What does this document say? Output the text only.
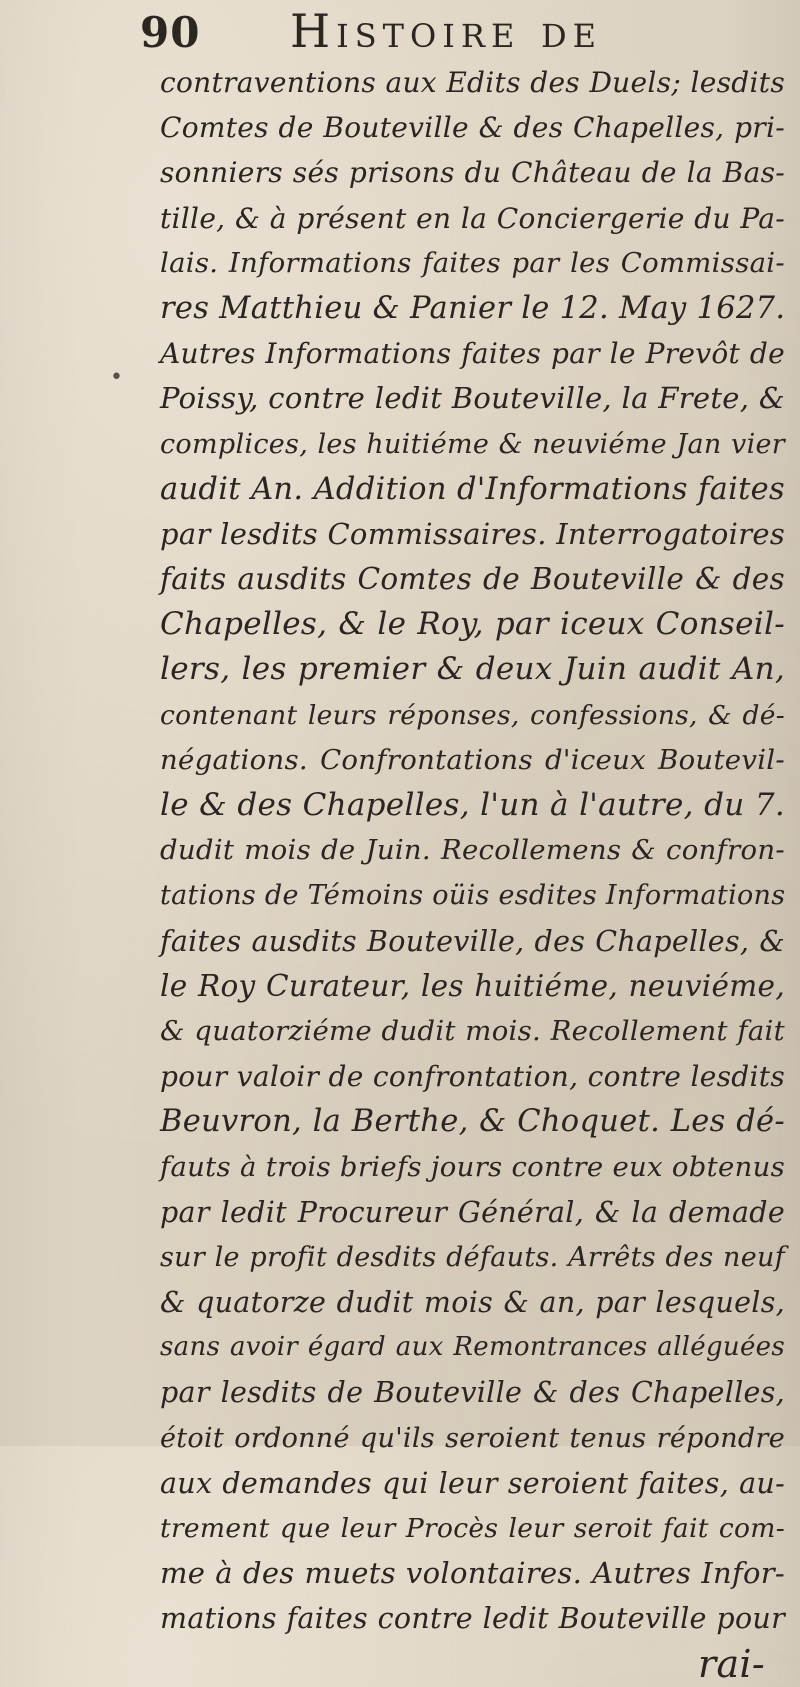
90 Histoire de
•
contraventions aux Edits des Duels; lesdits
Comtes de Bouteville & des Chapelles, pri-
sonniers sés prisons du Château de la Bas-
tille, & à présent en la Conciergerie du Pa-
lais. Informations faites par les Commissai-
res Matthieu & Panier le 12. May 1627.
Autres Informations faites par le Prevôt de
Poissy, contre ledit Bouteville, la Frete, &
complices, les huitiéme & neuviéme Jan vier
audit An. Addition d'Informations faites
par lesdits Commissaires. Interrogatoires
faits ausdits Comtes de Bouteville & des
Chapelles, & le Roy, par iceux Conseil-
lers, les premier & deux Juin audit An,
contenant leurs réponses, confessions, & dé-
négations. Confrontations d'iceux Boutevil-
le & des Chapelles, l'un à l'autre, du 7.
dudit mois de Juin. Recollemens & confron-
tations de Témoins oüis esdites Informations
faites ausdits Bouteville, des Chapelles, &
le Roy Curateur, les huitiéme, neuviéme,
& quatorziéme dudit mois. Recollement fait
pour valoir de confrontation, contre lesdits
Beuvron, la Berthe, & Choquet. Les dé-
fauts à trois briefs jours contre eux obtenus
par ledit Procureur Général, & la demade
sur le profit desdits défauts. Arrêts des neuf
& quatorze dudit mois & an, par lesquels,
sans avoir égard aux Remontrances alléguées
par lesdits de Bouteville & des Chapelles,
étoit ordonné qu'ils seroient tenus répondre
aux demandes qui leur seroient faites, au-
trement que leur Procès leur seroit fait com-
me à des muets volontaires. Autres Infor-
mations faites contre ledit Bouteville pour
rai-
